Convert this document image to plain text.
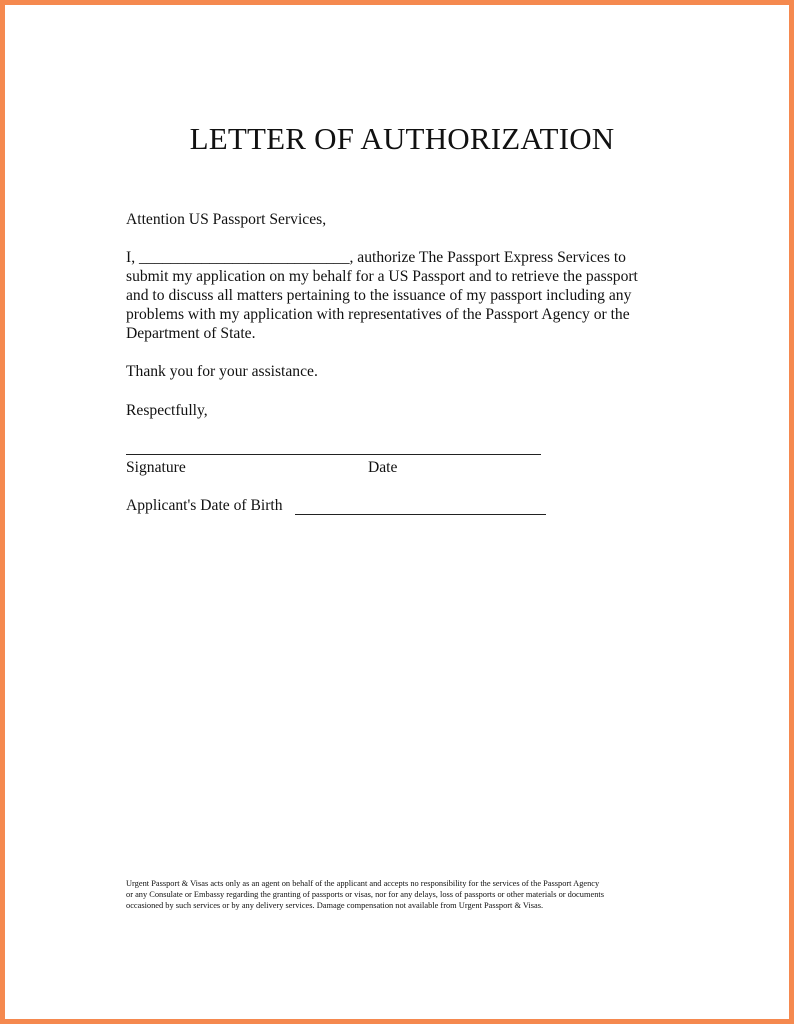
LETTER OF AUTHORIZATION
Attention US Passport Services,
I, ___________________________, authorize The Passport Express Services to
submit my application on my behalf for a US Passport and to retrieve the passport
and to discuss all matters pertaining to the issuance of my passport including any
problems with my application with representatives of the Passport Agency or the
Department of State.
Thank you for your assistance.
Respectfully,
Signature	Date
Applicant's Date of Birth
Urgent Passport & Visas acts only as an agent on behalf of the applicant and accepts no responsibility for the services of the Passport Agency
or any Consulate or Embassy regarding the granting of passports or visas, nor for any delays, loss of passports or other materials or documents
occasioned by such services or by any delivery services. Damage compensation not available from Urgent Passport & Visas.
